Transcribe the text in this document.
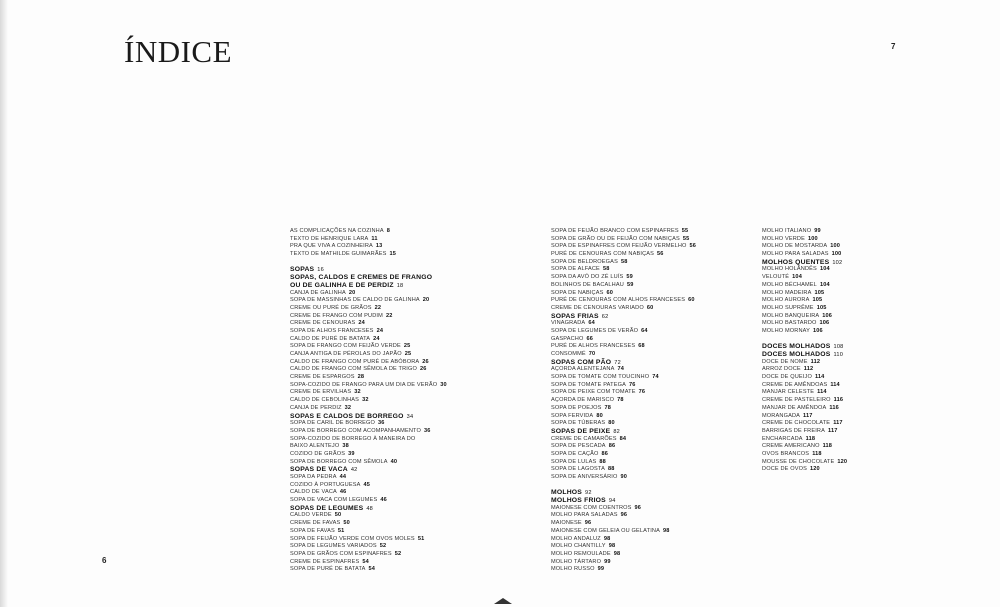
ÍNDICE	7
6
AS COMPLICAÇÕES NA COZINHA 8
TEXTO DE HENRIQUE LARA 11
PRA QUE VIVA A COZINHEIRA 13
TEXTO DE MATHILDE GUIMARÃES 15
SOPAS 16
SOPAS, CALDOS E CREMES DE FRANGO
OU DE GALINHA E DE PERDIZ 18
CANJA DE GALINHA 20
SOPA DE MASSINHAS DE CALDO DE GALINHA 20
CREME OU PURÉ DE GRÃOS 22
CREME DE FRANGO COM PUDIM 22
CREME DE CENOURAS 24
SOPA DE ALHOS FRANCESES 24
CALDO DE PURÉ DE BATATA 24
SOPA DE FRANGO COM FEIJÃO VERDE 25
CANJA ANTIGA DE PÉROLAS DO JAPÃO 25
CALDO DE FRANGO COM PURÉ DE ABÓBORA 26
CALDO DE FRANGO COM SÊMOLA DE TRIGO 26
CREME DE ESPARGOS 28
SOPA-COZIDO DE FRANGO PARA UM DIA DE VERÃO 30
CREME DE ERVILHAS 32
CALDO DE CEBOLINHAS 32
CANJA DE PERDIZ 32
SOPAS E CALDOS DE BORREGO 34
SOPA DE CARIL DE BORREGO 36
SOPA DE BORREGO COM ACOMPANHAMENTO 36
SOPA-COZIDO DE BORREGO À MANEIRA DO
BAIXO ALENTEJO 38
COZIDO DE GRÃOS 39
SOPA DE BORREGO COM SÊMOLA 40
SOPAS DE VACA 42
SOPA DA PEDRA 44
COZIDO À PORTUGUESA 45
CALDO DE VACA 46
SOPA DE VACA COM LEGUMES 46
SOPAS DE LEGUMES 48
CALDO VERDE 50
CREME DE FAVAS 50
SOPA DE FAVAS 51
SOPA DE FEIJÃO VERDE COM OVOS MOLES 51
SOPA DE LEGUMES VARIADOS 52
SOPA DE GRÃOS COM ESPINAFRES 52
CREME DE ESPINAFRES 54
SOPA DE PURÉ DE BATATA 54
SOPA DE FEIJÃO BRANCO COM ESPINAFRES 55
SOPA DE GRÃO OU DE FEIJÃO COM NABIÇAS 55
SOPA DE ESPINAFRES COM FEIJÃO VERMELHO 56
PURÉ DE CENOURAS COM NABIÇAS 56
SOPA DE BELDROEGAS 58
SOPA DE ALFACE 58
SOPA DA AVÓ DO ZÉ LUÍS 59
BOLINHOS DE BACALHAU 59
SOPA DE NABIÇAS 60
PURÉ DE CENOURAS COM ALHOS FRANCESES 60
CREME DE CENOURAS VARIADO 60
SOPAS FRIAS 62
VINAGRADA 64
SOPA DE LEGUMES DE VERÃO 64
GASPACHO 66
PURÉ DE ALHOS FRANCESES 68
CONSOMMÉ 70
SOPAS COM PÃO 72
AÇORDA ALENTEJANA 74
SOPA DE TOMATE COM TOUCINHO 74
SOPA DE TOMATE PATEGA 76
SOPA DE PEIXE COM TOMATE 76
AÇORDA DE MARISCO 78
SOPA DE POEJOS 78
SOPA FERVIDA 80
SOPA DE TÚBERAS 80
SOPAS DE PEIXE 82
CREME DE CAMARÕES 84
SOPA DE PESCADA 86
SOPA DE CAÇÃO 86
SOPA DE LULAS 88
SOPA DE LAGOSTA 88
SOPA DE ANIVERSÁRIO 90
MOLHOS 92
MOLHOS FRIOS 94
MAIONESE COM COENTROS 96
MOLHO PARA SALADAS 96
MAIONESE 96
MAIONESE COM GELEIA OU GELATINA 98
MOLHO ANDALUZ 98
MOLHO CHANTILLY 98
MOLHO REMOULADE 98
MOLHO TÁRTARO 99
MOLHO RUSSO 99
MOLHO ITALIANO 99
MOLHO VERDE 100
MOLHO DE MOSTARDA 100
MOLHO PARA SALADAS 100
MOLHOS QUENTES 102
MOLHO HOLANDÊS 104
VELOUTÉ 104
MOLHO BÉCHAMEL 104
MOLHO MADEIRA 105
MOLHO AURORA 105
MOLHO SUPRÊME 105
MOLHO BANQUEIRA 106
MOLHO BASTARDO 106
MOLHO MORNAY 106
DOCES MOLHADOS 108
DOCES MOLHADOS 110
DOCE DE NOME 112
ARROZ DOCE 112
DOCE DE QUEIJO 114
CREME DE AMÊNDOAS 114
MANJAR CELESTE 114
CREME DE PASTELEIRO 116
MANJAR DE AMÊNDOA 116
MORANGADA 117
CREME DE CHOCOLATE 117
BARRIGAS DE FREIRA 117
ENCHARCADA 118
CREME AMERICANO 118
OVOS BRANCOS 118
MOUSSE DE CHOCOLATE 120
DOCE DE OVOS 120
